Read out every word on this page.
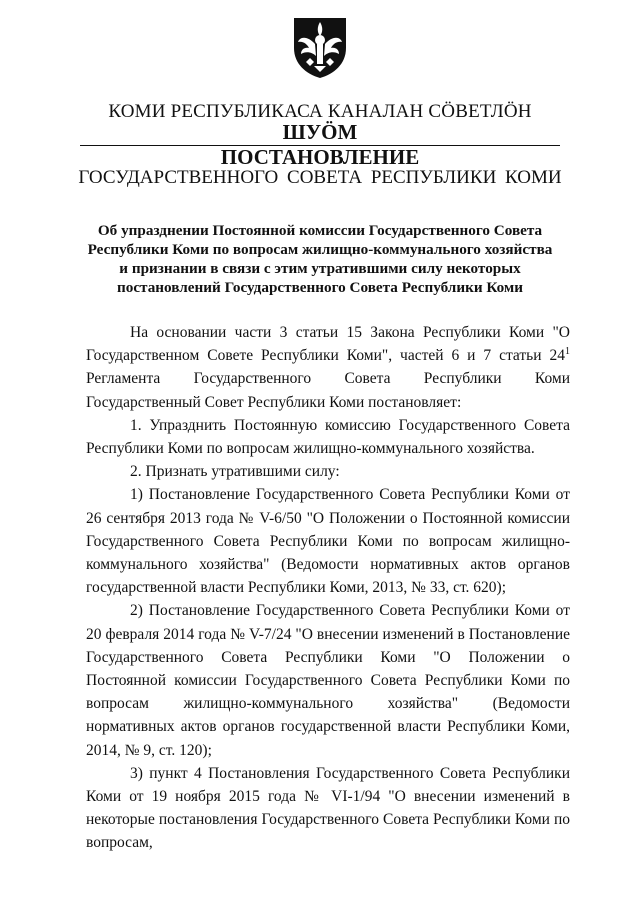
КОМИ РЕСПУБЛИКАСА КАНАЛАН СÖВЕТЛÖН
ШУÖМ
ПОСТАНОВЛЕНИЕ
ГОСУДАРСТВЕННОГО СОВЕТА РЕСПУБЛИКИ КОМИ
Об упразднении Постоянной комиссии Государственного Совета
Республики Коми по вопросам жилищно-коммунального хозяйства
и признании в связи с этим утратившими силу некоторых
постановлений Государственного Совета Республики Коми

На основании части 3 статьи 15 Закона Республики Коми "О Государственном Совете Республики Коми", частей 6 и 7 статьи $24^1$ Регламента Государственного Совета Республики Коми Государственный Совет Республики Коми постановляет:

1. Упразднить Постоянную комиссию Государственного Совета Республики Коми по вопросам жилищно-коммунального хозяйства.

2. Признать утратившими силу:

1) Постановление Государственного Совета Республики Коми от 26 сентября 2013 года № V-6/50 "О Положении о Постоянной комиссии Государственного Совета Республики Коми по вопросам жилищно-коммунального хозяйства" (Ведомости нормативных актов органов государственной власти Республики Коми, 2013, № 33, ст. 620);

2) Постановление Государственного Совета Республики Коми от 20 февраля 2014 года № V-7/24 "О внесении изменений в Постановление Государственного Совета Республики Коми "О Положении о Постоянной комиссии Государственного Совета Республики Коми по вопросам жилищно-коммунального хозяйства" (Ведомости нормативных актов органов государственной власти Республики Коми, 2014, № 9, ст. 120);

3) пункт 4 Постановления Государственного Совета Республики Коми от 19 ноября 2015 года № VI-1/94 "О внесении изменений в некоторые постановления Государственного Совета Республики Коми по вопросам,
